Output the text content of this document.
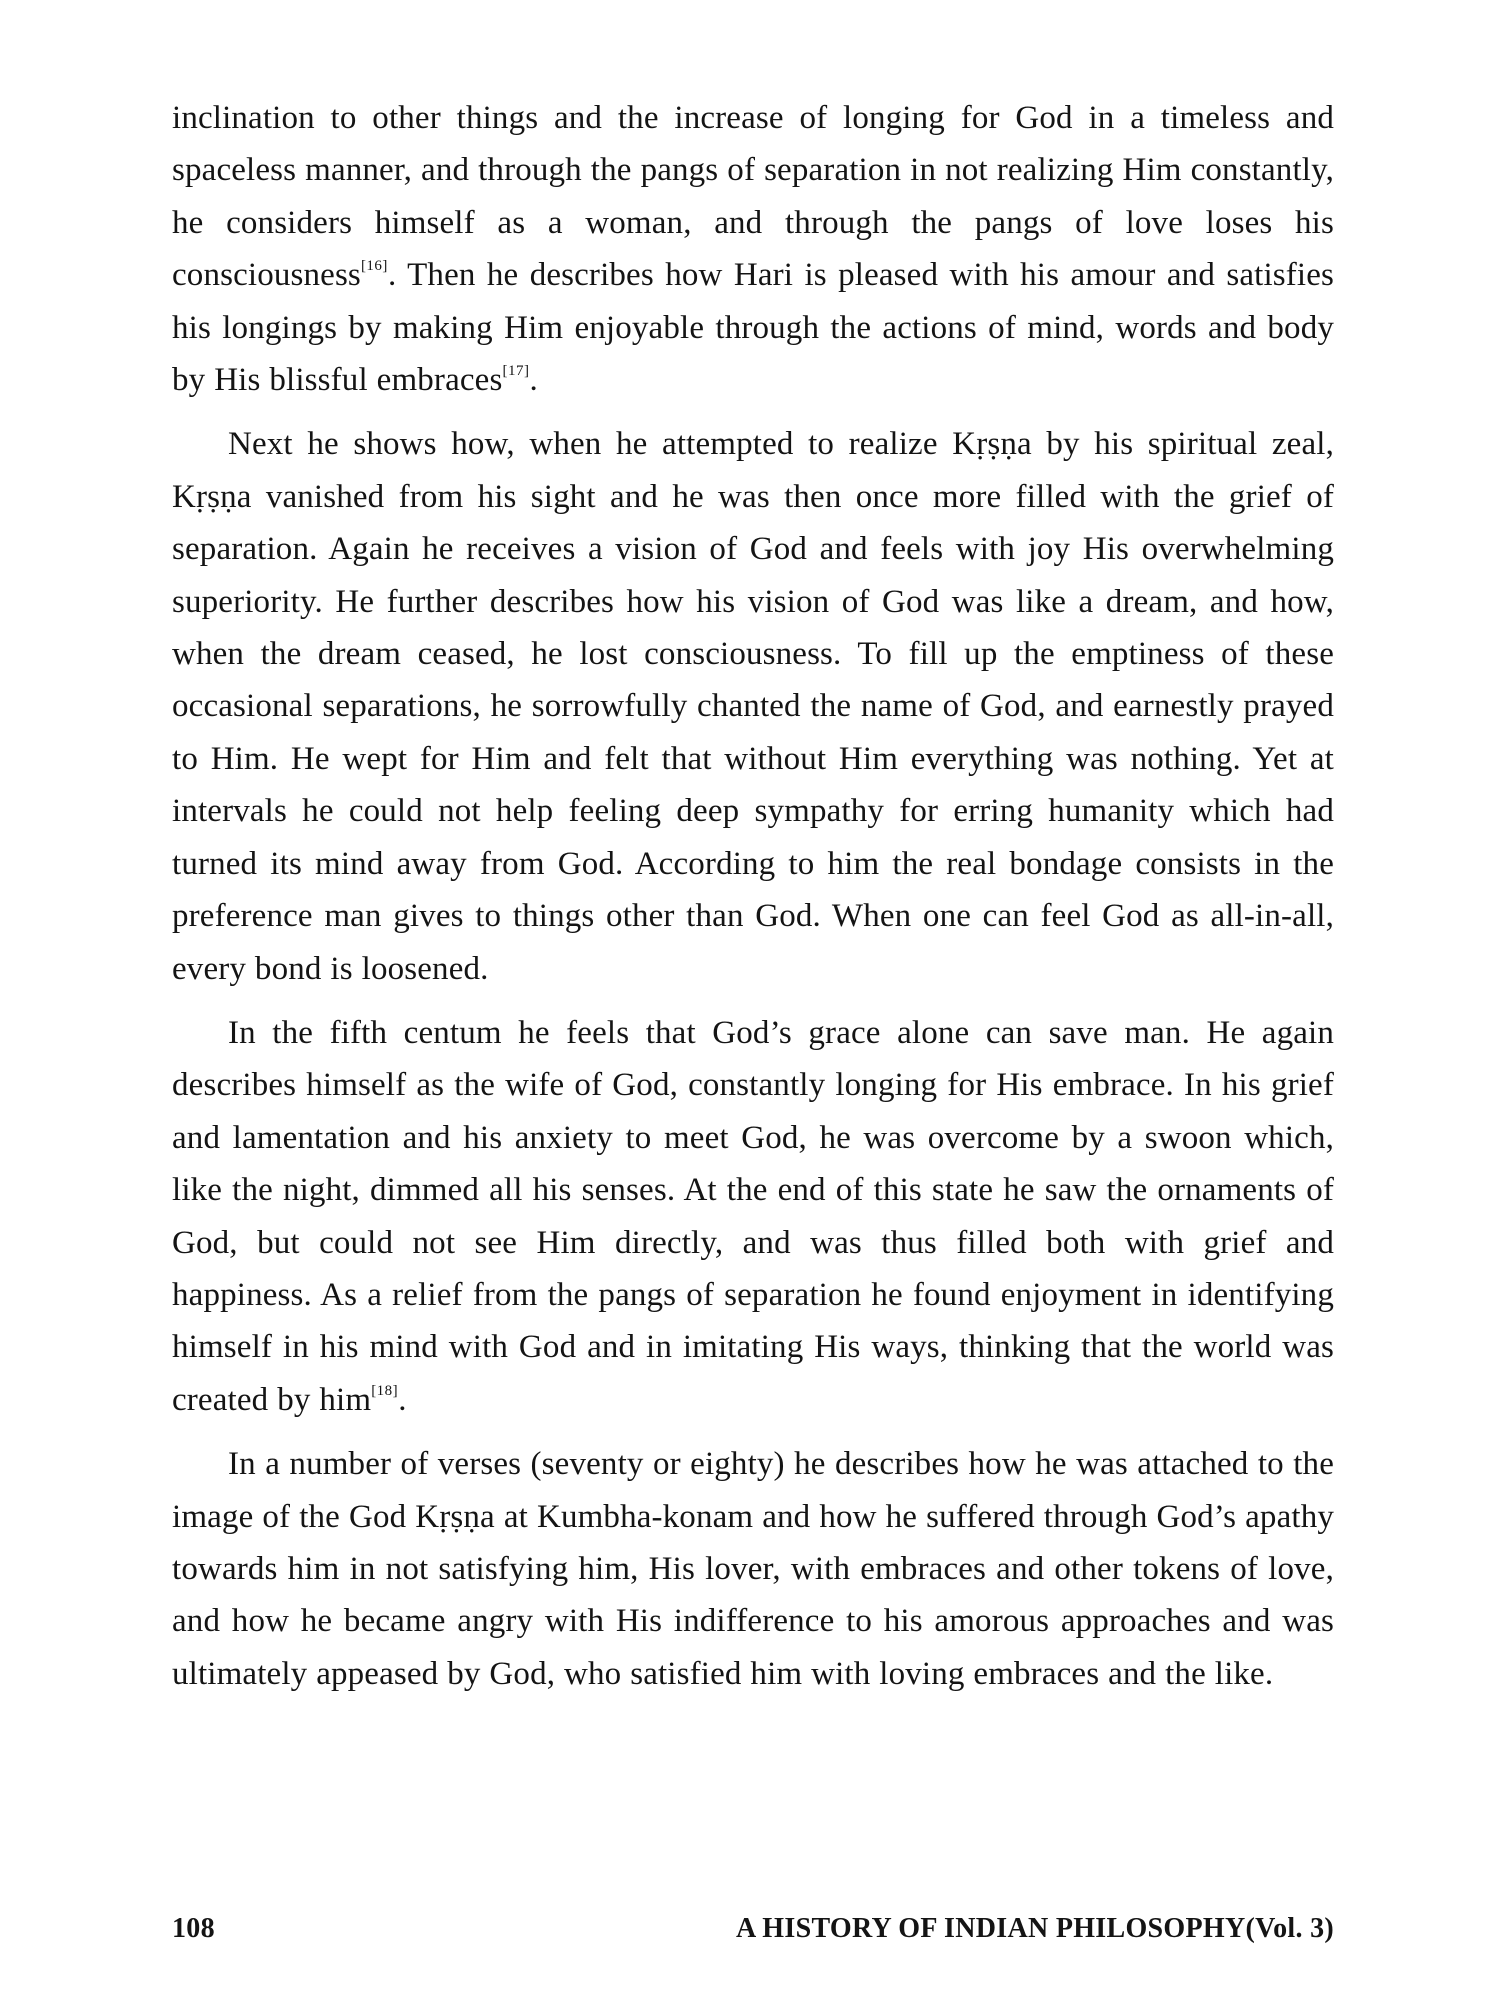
inclination to other things and the increase of longing for God in a timeless and spaceless manner, and through the pangs of separation in not realizing Him constantly, he considers himself as a woman, and through the pangs of love loses his consciousness[16]. Then he describes how Hari is pleased with his amour and satisfies his longings by making Him enjoyable through the actions of mind, words and body by His blissful embraces[17].

Next he shows how, when he attempted to realize Kṛṣṇa by his spiritual zeal, Kṛṣṇa vanished from his sight and he was then once more filled with the grief of separation. Again he receives a vision of God and feels with joy His overwhelming superiority. He further describes how his vision of God was like a dream, and how, when the dream ceased, he lost consciousness. To fill up the emptiness of these occasional separations, he sorrowfully chanted the name of God, and earnestly prayed to Him. He wept for Him and felt that without Him everything was nothing. Yet at intervals he could not help feeling deep sympathy for erring humanity which had turned its mind away from God. According to him the real bondage consists in the preference man gives to things other than God. When one can feel God as all-in-all, every bond is loosened.

In the fifth centum he feels that God’s grace alone can save man. He again describes himself as the wife of God, constantly longing for His embrace. In his grief and lamentation and his anxiety to meet God, he was overcome by a swoon which, like the night, dimmed all his senses. At the end of this state he saw the ornaments of God, but could not see Him directly, and was thus filled both with grief and happiness. As a relief from the pangs of separation he found enjoyment in identifying himself in his mind with God and in imitating His ways, thinking that the world was created by him[18].

In a number of verses (seventy or eighty) he describes how he was attached to the image of the God Kṛṣṇa at Kumbha-konam and how he suffered through God’s apathy towards him in not satisfying him, His lover, with embraces and other tokens of love, and how he became angry with His indifference to his amorous approaches and was ultimately appeased by God, who satisfied him with loving embraces and the like.

108	A HISTORY OF INDIAN PHILOSOPHY(Vol. 3)
